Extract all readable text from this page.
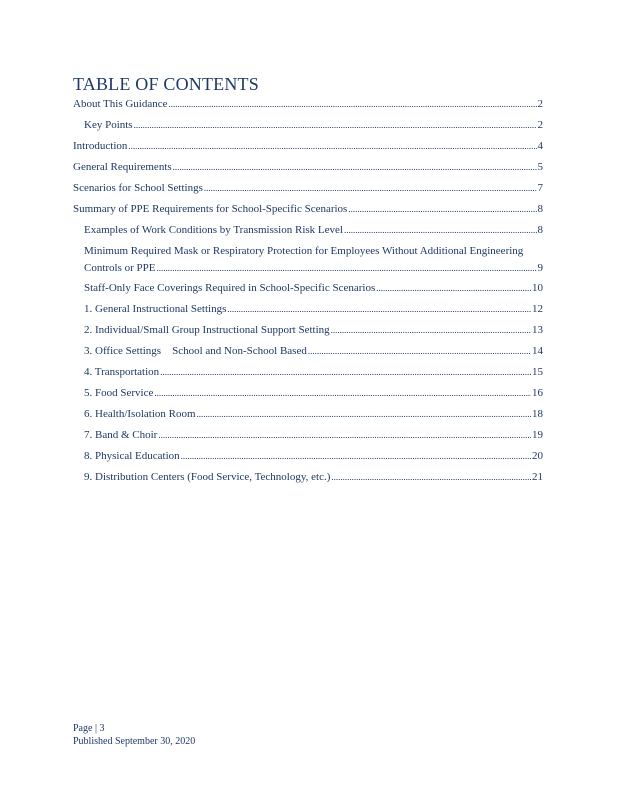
TABLE OF CONTENTS
About This Guidance .....	2
Key Points .....	2
Introduction .....	4
General Requirements .....	5
Scenarios for School Settings .....	7
Summary of PPE Requirements for School-Specific Scenarios .....	8
Examples of Work Conditions by Transmission Risk Level .....	8
Minimum Required Mask or Respiratory Protection for Employees Without Additional Engineering
Controls or PPE .....	9
Staff-Only Face Coverings Required in School-Specific Scenarios .....	10
1. General Instructional Settings .....	12
2. Individual/Small Group Instructional Support Setting .....	13
3. Office Settings    School and Non-School Based .....	14
4. Transportation .....	15
5. Food Service .....	16
6. Health/Isolation Room .....	18
7. Band & Choir .....	19
8. Physical Education .....	20
9. Distribution Centers (Food Service, Technology, etc.) .....	21
Page | 3
Published September 30, 2020
